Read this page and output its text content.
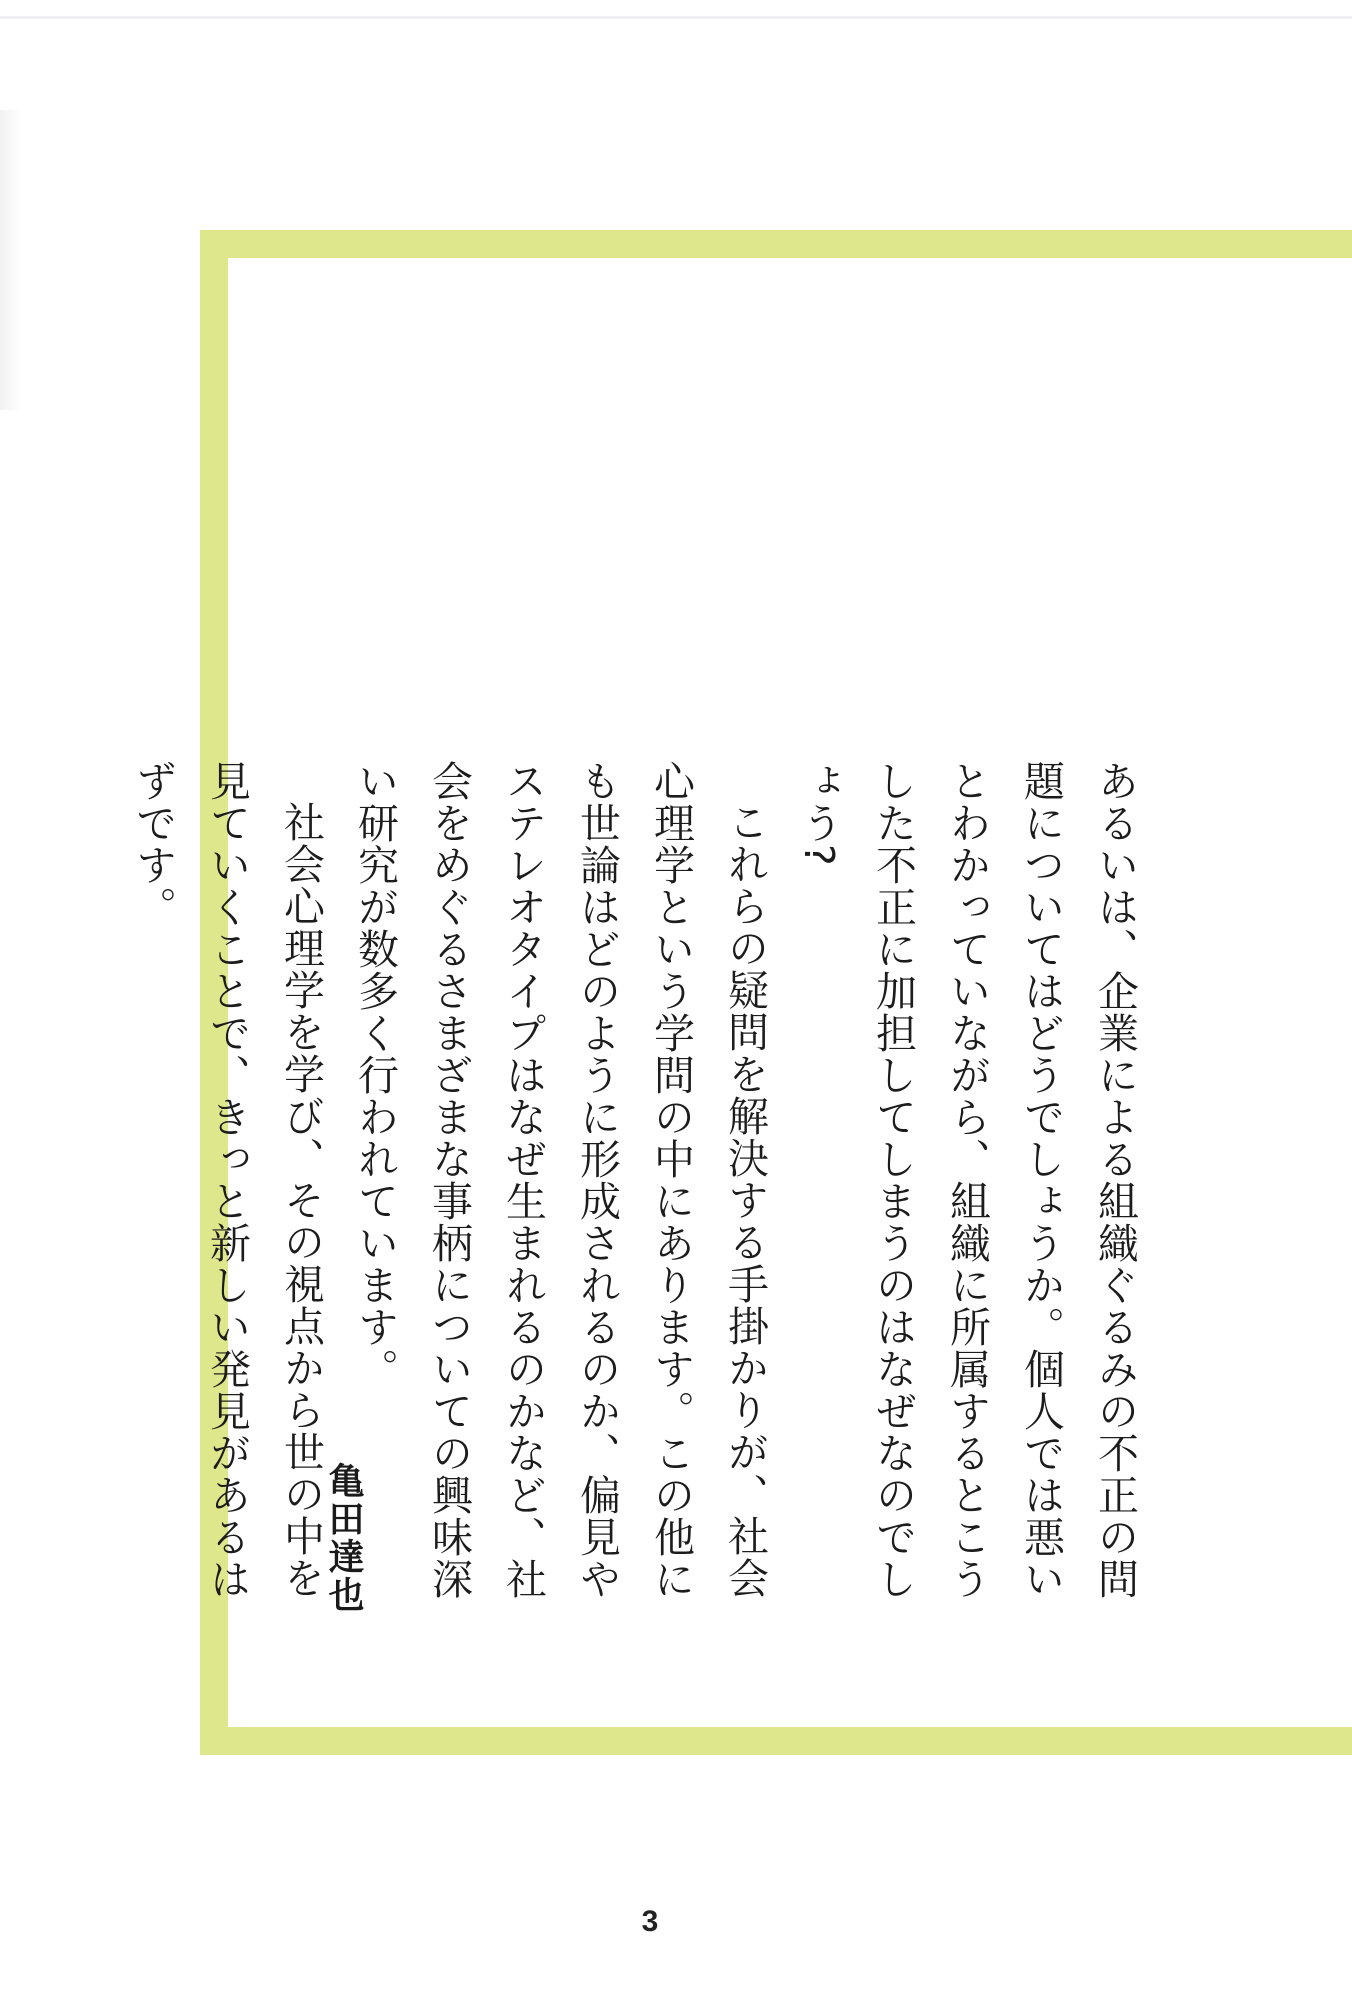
あるいは、企業による組織ぐるみの不正の問題についてはどうでしょうか。個人では悪いとわかっていながら、組織に所属するとこうした不正に加担してしまうのはなぜなのでしょう?

これらの疑問を解決する手掛かりが、社会心理学という学問の中にあります。この他にも世論はどのように形成されるのか、偏見やステレオタイプはなぜ生まれるのかなど、社会をめぐるさまざまな事柄についての興味深い研究が数多く行われています。

社会心理学を学び、その視点から世の中を見ていくことで、きっと新しい発見があるはずです。

亀田達也
3
